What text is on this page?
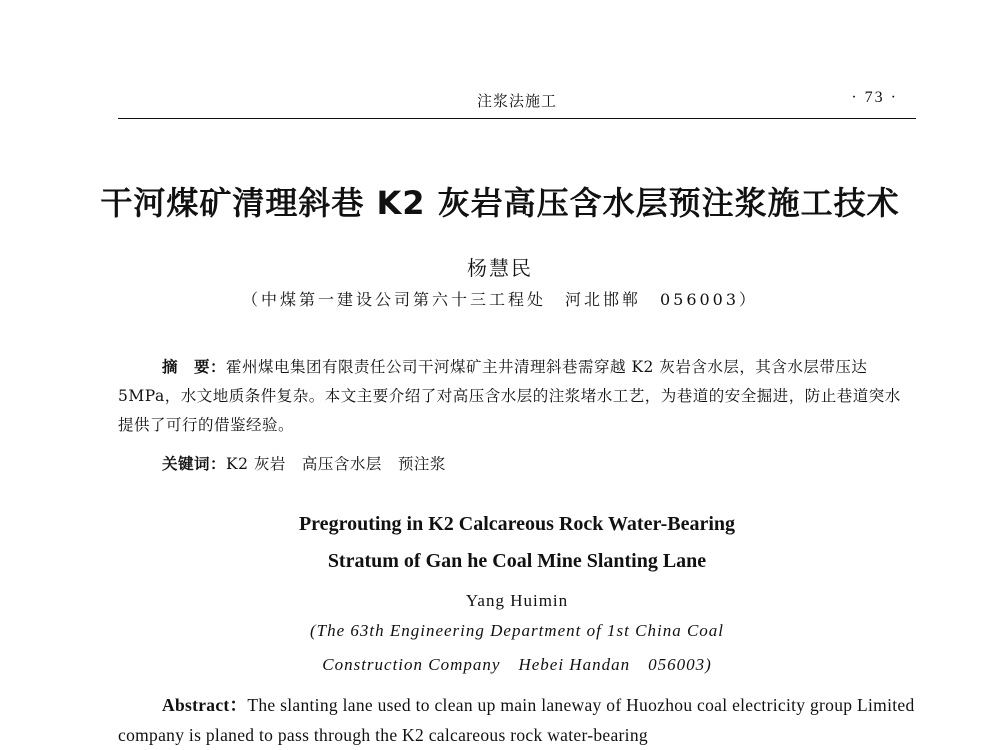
注浆法施工	· 73 ·
干河煤矿清理斜巷 K2 灰岩高压含水层预注浆施工技术
杨慧民
（中煤第一建设公司第六十三工程处　河北邯郸　056003）

摘　要：霍州煤电集团有限责任公司干河煤矿主井清理斜巷需穿越 K2 灰岩含水层，其含水层带压达 5MPa，水文地质条件复杂。本文主要介绍了对高压含水层的注浆堵水工艺，为巷道的安全掘进，防止巷道突水提供了可行的借鉴经验。

关键词：K2 灰岩 高压含水层 预注浆
Pregrouting in K2 Calcareous Rock Water-Bearing
Stratum of Gan he Coal Mine Slanting Lane
Yang Huimin
(The 63th Engineering Department of 1st China Coal
Construction Company　Hebei Handan　056003)

Abstract：The slanting lane used to clean up main laneway of Huozhou coal electricity group Limited company is planed to pass through the K2 calcareous rock water-bearing
